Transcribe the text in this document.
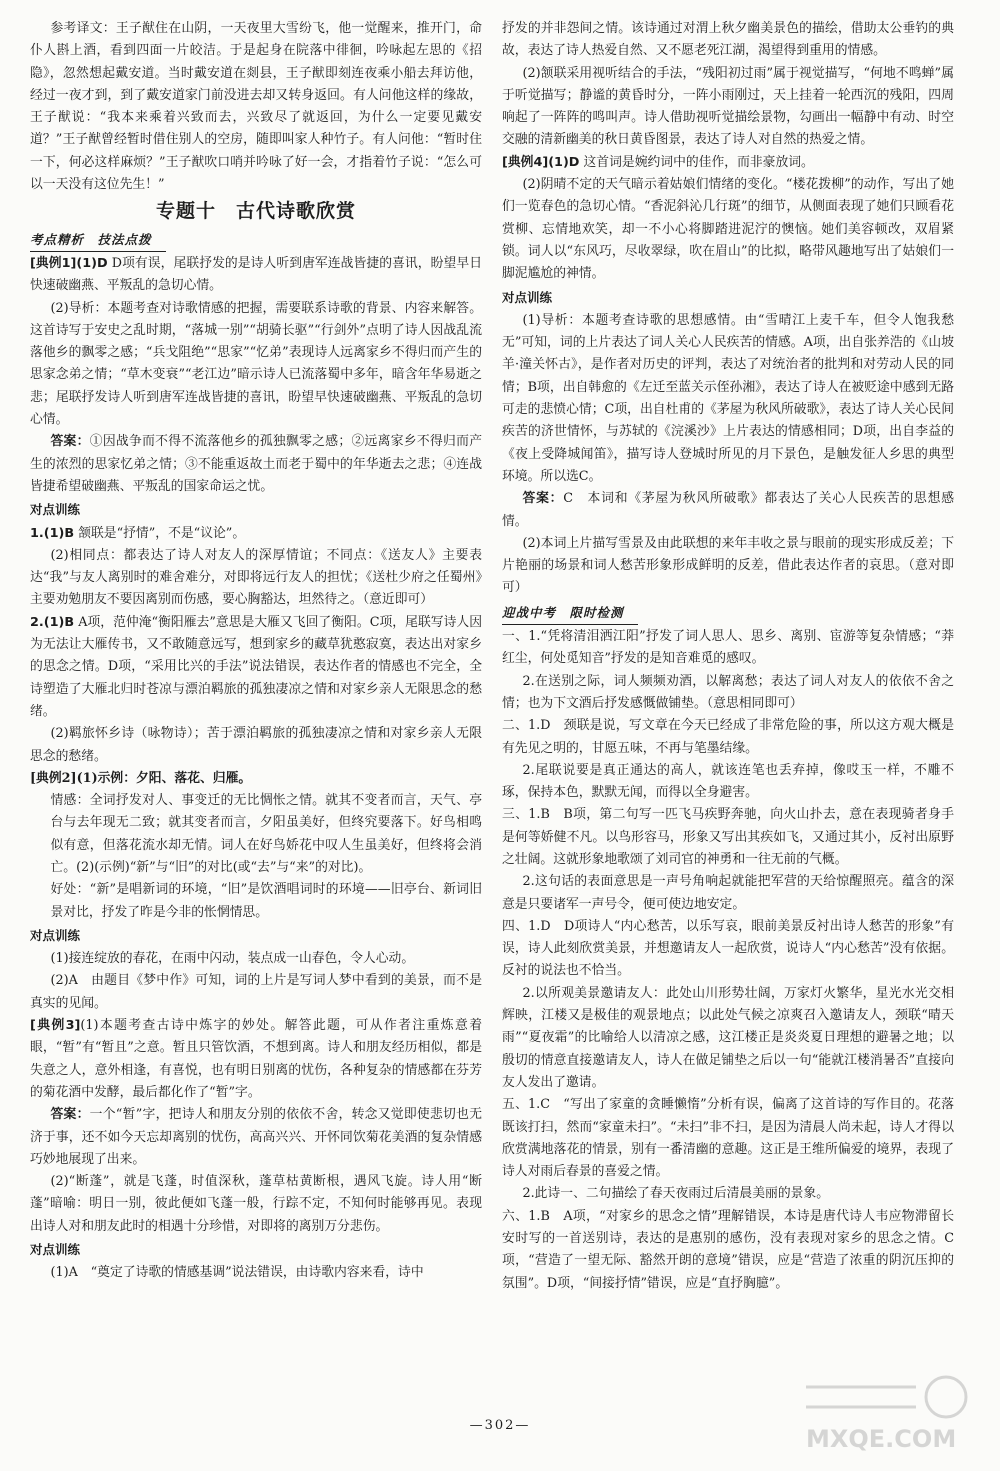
参考译文：王子猷住在山阴，一天夜里大雪纷飞，他一觉醒来，推开门，命仆人斟上酒，看到四面一片皎洁。于是起身在院落中徘徊，吟咏起左思的《招隐》，忽然想起戴安道。当时戴安道在剡县，王子猷即刻连夜乘小船去拜访他，经过一夜才到，到了戴安道家门前没进去却又转身返回。有人问他这样的缘故，王子猷说：“我本来乘着兴致而去，兴致尽了就返回，为什么一定要见戴安道？”王子猷曾经暂时借住别人的空房，随即叫家人种竹子。有人问他：“暂时住一下，何必这样麻烦？”王子猷吹口哨并吟咏了好一会，才指着竹子说：“怎么可以一天没有这位先生！”

专题十　古代诗歌欣赏
考点精析　技法点拨

[典例1](1)D D项有误，尾联抒发的是诗人听到唐军连战皆捷的喜讯，盼望早日快速破幽燕、平叛乱的急切心情。

(2)导析：本题考查对诗歌情感的把握，需要联系诗歌的背景、内容来解答。这首诗写于安史之乱时期，“落城一别”“胡骑长驱”“行剑外”点明了诗人因战乱流落他乡的飘零之感；“兵戈阻绝”“思家”“忆弟”表现诗人远离家乡不得归而产生的思家念弟之情；“草木变衰”“老江边”暗示诗人已流落蜀中多年，暗含年华易逝之悲；尾联抒发诗人听到唐军连战皆捷的喜讯，盼望早快速破幽燕、平叛乱的急切心情。

答案：①因战争而不得不流落他乡的孤独飘零之感；②远离家乡不得归而产生的浓烈的思家忆弟之情；③不能重返故土而老于蜀中的年华逝去之悲；④连战皆捷希望破幽燕、平叛乱的国家命运之忧。

对点训练

1.(1)B 颔联是“抒情”，不是“议论”。

(2)相同点：都表达了诗人对友人的深厚情谊；不同点：《送友人》主要表达“我”与友人离别时的难舍难分，对即将远行友人的担忧；《送杜少府之任蜀州》主要劝勉朋友不要因离别而伤感，要心胸豁达，坦然待之。（意近即可）

2.(1)B A项，范仲淹“衡阳雁去”意思是大雁又飞回了衡阳。C项，尾联写诗人因为无法让大雁传书，又不敢随意远写，想到家乡的藏草犹憨寂寞，表达出对家乡的思念之情。D项，“采用比兴的手法”说法错误，表达作者的情感也不完全，全诗塑造了大雁北归时苍凉与漂泊羁旅的孤独凄凉之情和对家乡亲人无限思念的愁绪。

(2)羁旅怀乡诗（咏物诗）；苦于漂泊羁旅的孤独凄凉之情和对家乡亲人无限思念的愁绪。

[典例2](1)示例：夕阳、落花、归雁。

情感：全词抒发对人、事变迁的无比惆怅之情。就其不变者而言，天气、亭台与去年现无二致；就其变者而言，夕阳虽美好，但终究要落下。好鸟相鸣似有意，但落花流水却无情。词人在好鸟娇花中叹人生虽美好，但终将会消亡。(2)(示例)“新”与“旧”的对比(或“去”与“来”的对比)。

好处：“新”是唱新词的环境，“旧”是饮酒唱词时的环境——旧亭台、新词旧景对比，抒发了昨是今非的怅惘情思。

对点训练

(1)接连绽放的春花，在雨中闪动，装点成一山春色，令人心动。

(2)A　由题目《梦中作》可知，词的上片是写词人梦中看到的美景，而不是真实的见闻。

[典例3](1)本题考查古诗中炼字的妙处。解答此题，可从作者注重炼意着眼，“暂”有“暂且”之意。暂且只管饮酒，不想到离。诗人和朋友经历相似，都是失意之人，意外相逢，有喜悦，也有明日别离的忧伤，各种复杂的情感都在芬芳的菊花酒中发酵，最后都化作了“暂”字。

答案：一个“暂”字，把诗人和朋友分别的依依不舍，转念又觉即使悲切也无济于事，还不如今天忘却离别的忧伤，高高兴兴、开怀同饮菊花美酒的复杂情感巧妙地展现了出来。

(2)“断蓬”，就是飞蓬，时值深秋，蓬草枯黄断根，遇风飞旋。诗人用“断蓬”暗喻：明日一别，彼此便如飞蓬一般，行踪不定，不知何时能够再见。表现出诗人对和朋友此时的相遇十分珍惜，对即将的离别万分悲伤。

对点训练

(1)A　“奠定了诗歌的情感基调”说法错误，由诗歌内容来看，诗中

抒发的并非怨间之情。该诗通过对渭上秋夕幽美景色的描绘，借助太公垂钓的典故，表达了诗人热爱自然、又不愿老死江湖，渴望得到重用的情感。

(2)颔联采用视听结合的手法，“残阳初过雨”属于视觉描写，“何地不鸣蝉”属于听觉描写；静谧的黄昏时分，一阵小雨刚过，天上挂着一轮西沉的残阳，四周响起了一阵阵的鸣叫声。诗人借助视听觉描绘景物，勾画出一幅静中有动、时空交融的清新幽美的秋日黄昏图景，表达了诗人对自然的热爱之情。

[典例4](1)D 这首词是婉约词中的佳作，而非豪放词。

(2)阴晴不定的天气暗示着姑娘们情绪的变化。“楼花拨柳”的动作，写出了她们一览春色的急切心情。“香泥斜沁几行斑”的细节，从侧面表现了她们只顾看花赏柳、忘情地欢笑，却一不小心将脚踏进泥泞的懊恼。她们美容顿改，双眉紧锁。词人以“东风巧，尽收翠绿，吹在眉山”的比拟，略带风趣地写出了姑娘们一脚泥尴尬的神情。

对点训练

(1)导析：本题考查诗歌的思想感情。由“雪晴江上麦千车，但令人饱我愁无”可知，词的上片表达了词人关心人民疾苦的情感。A项，出自张养浩的《山坡羊·潼关怀古》，是作者对历史的评判，表达了对统治者的批判和对劳动人民的同情；B项，出自韩愈的《左迁至蓝关示侄孙湘》，表达了诗人在被贬途中感到无路可走的悲愤心情；C项，出自杜甫的《茅屋为秋风所破歌》，表达了诗人关心民间疾苦的济世情怀，与苏轼的《浣溪沙》上片表达的情感相同；D项，出自李益的《夜上受降城闻笛》，描写诗人登城时所见的月下景色，是触发征人乡思的典型环境。所以选C。

答案：C　本词和《茅屋为秋风所破歌》都表达了关心人民疾苦的思想感情。

(2)本词上片描写雪景及由此联想的来年丰收之景与眼前的现实形成反差；下片艳丽的场景和词人愁苦形象形成鲜明的反差，借此表达作者的哀思。（意对即可）

迎战中考　限时检测

一、1.“凭将清泪洒江阳”抒发了词人思人、思乡、离别、宦游等复杂情感；“莽红尘，何处觅知音”抒发的是知音难觅的感叹。

2.在送别之际，词人频频劝酒，以解离愁；表达了词人对友人的依依不舍之情；也为下文酒后抒发感慨做铺垫。（意思相同即可）

二、1.D　颈联是说，写文章在今天已经成了非常危险的事，所以这方观大概是有先见之明的，甘愿五味，不再与笔墨结缘。

2.尾联说要是真正通达的高人，就该连笔也丢弃掉，像哎玉一样，不雕不琢，保持本色，默默无闻，而得以全身避害。

三、1.B　B项，第二句写一匹飞马疾野奔驰，向火山扑去，意在表现骑者身手是何等娇健不凡。以鸟形容马，形象又写出其疾如飞，又通过其小，反衬出原野之壮阔。这就形象地歌颂了刘司官的神勇和一往无前的气概。

2.这句话的表面意思是一声号角响起就能把军营的天给惊醒照亮。蕴含的深意是只要诸军一声号令，便可使边地安定。

四、1.D　D项诗人“内心愁苦，以乐写哀，眼前美景反衬出诗人愁苦的形象”有误，诗人此刻欣赏美景，并想邀请友人一起欣赏，说诗人“内心愁苦”没有依据。反衬的说法也不恰当。

2.以所观美景邀请友人：此处山川形势壮阔，万家灯火繁华，星光水光交相辉映，江楼又是极佳的观景地点；以此处气候之凉爽召入邀请友人，颈联“晴天雨”“夏夜霜”的比喻给人以清凉之感，这江楼正是炎炎夏日理想的避暑之地；以殷切的情意直接邀请友人，诗人在做足铺垫之后以一句“能就江楼消暑否”直接向友人发出了邀请。

五、1.C　“写出了家童的贪睡懒惰”分析有误，偏离了这首诗的写作目的。花落既该打扫，然而“家童未扫”。“未扫”非不扫，是因为清晨人尚未起，诗人才得以欣赏满地落花的情景，别有一番清幽的意趣。这正是王维所偏爱的境界，表现了诗人对雨后春景的喜爱之情。

2.此诗一、二句描绘了春天夜雨过后清晨美丽的景象。

六、1.B　A项，“对家乡的思念之情”理解错误，本诗是唐代诗人韦应物滞留长安时写的一首送别诗，表达的是惠别的感伤，没有表现对家乡的思念之情。C项，“营造了一望无际、豁然开朗的意境”错误，应是“营造了浓重的阴沉压抑的氛围”。D项，“间接抒情”错误，应是“直抒胸臆”。

—302—	MXQE.COM
